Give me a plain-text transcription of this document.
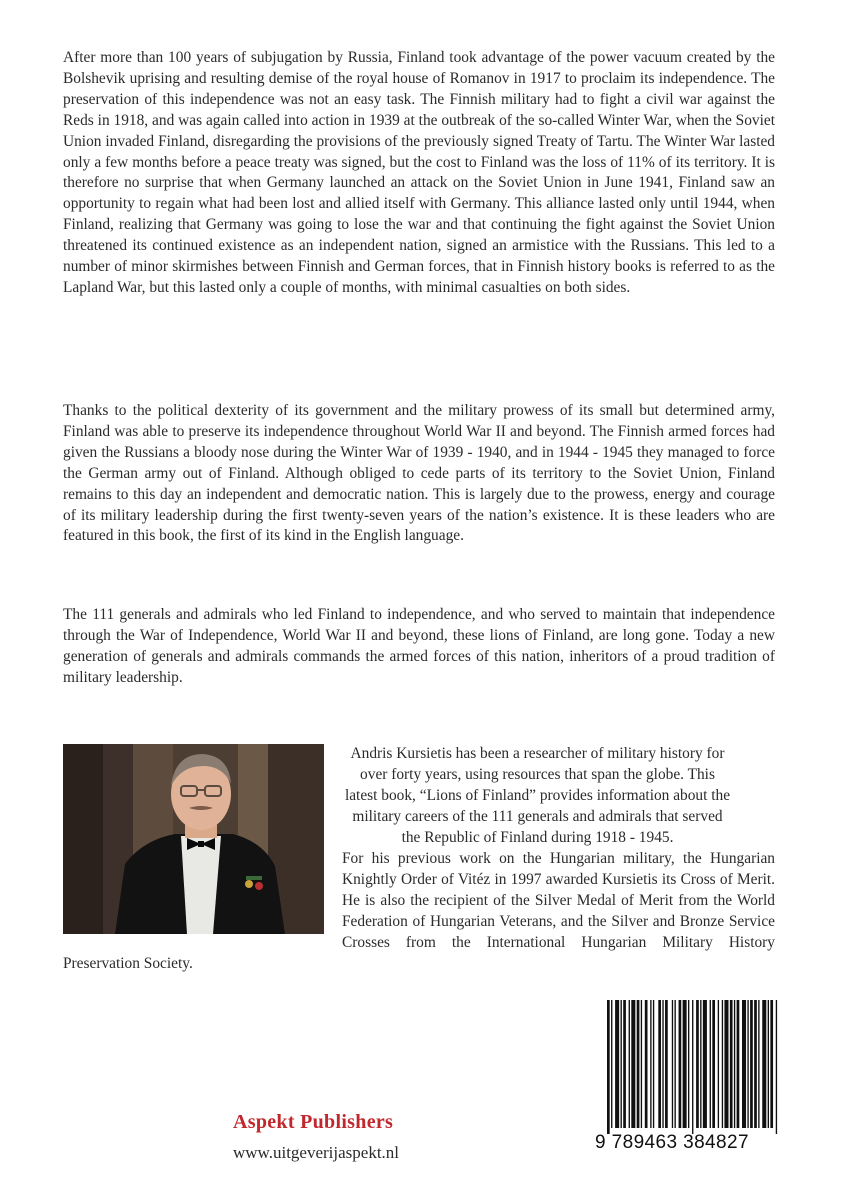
After more than 100 years of subjugation by Russia, Finland took advantage of the power vacuum created by the Bolshevik uprising and resulting demise of the royal house of Romanov in 1917 to proclaim its independence. The preservation of this independence was not an easy task. The Finnish military had to fight a civil war against the Reds in 1918, and was again called into action in 1939 at the outbreak of the so-called Winter War, when the Soviet Union invaded Finland, disregarding the provisions of the previously signed Treaty of Tartu. The Winter War lasted only a few months before a peace treaty was signed, but the cost to Finland was the loss of 11% of its territory. It is therefore no surprise that when Germany launched an attack on the Soviet Union in June 1941, Finland saw an opportunity to regain what had been lost and allied itself with Germany. This alliance lasted only until 1944, when Finland, realizing that Germany was going to lose the war and that continuing the fight against the Soviet Union threatened its continued existence as an independent nation, signed an armistice with the Russians. This led to a number of minor skirmishes between Finnish and German forces, that in Finnish history books is referred to as the Lapland War, but this lasted only a couple of months, with minimal casualties on both sides.

Thanks to the political dexterity of its government and the military prowess of its small but determined army, Finland was able to preserve its independence throughout World War II and beyond. The Finnish armed forces had given the Russians a bloody nose during the Winter War of 1939 - 1940, and in 1944 - 1945 they managed to force the German army out of Finland. Although obliged to cede parts of its territory to the Soviet Union, Finland remains to this day an independent and democratic nation. This is largely due to the prowess, energy and courage of its military leadership during the first twenty-seven years of the nation’s existence. It is these leaders who are featured in this book, the first of its kind in the English language.

The 111 generals and admirals who led Finland to independence, and who served to maintain that independence through the War of Independence, World War II and beyond, these lions of Finland, are long gone. Today a new generation of generals and admirals commands the armed forces of this nation, inheritors of a proud tradition of military leadership.

Andris Kursietis has been a researcher of military history for over forty years, using resources that span the globe. This latest book, “Lions of Finland” provides information about the military careers of the 111 generals and admirals that served the Republic of Finland during 1918 - 1945.

For his previous work on the Hungarian military, the Hungarian Knightly Order of Vitéz in 1997 awarded Kursietis its Cross of Merit. He is also the recipient of the Silver Medal of Merit from the World Federation of Hungarian Veterans, and the Silver and Bronze Service Crosses from the International Hungarian Military History Preservation Society.
Aspekt Publishers
www.uitgeverijaspekt.nl	9 789463 384827
